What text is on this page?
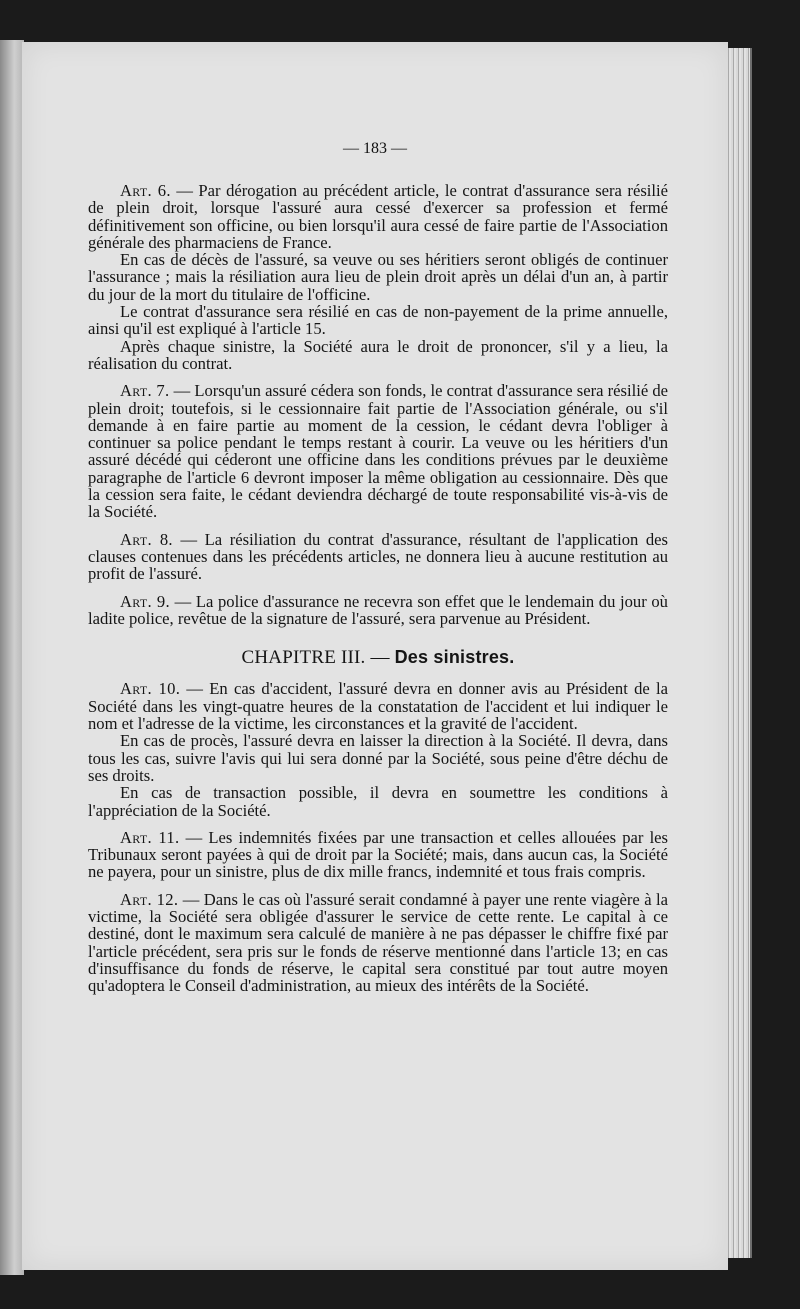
— 183 —

Art. 6. — Par dérogation au précédent article, le contrat d'assurance sera résilié de plein droit, lorsque l'assuré aura cessé d'exercer sa profession et fermé définitivement son officine, ou bien lorsqu'il aura cessé de faire partie de l'Association générale des pharmaciens de France.

En cas de décès de l'assuré, sa veuve ou ses héritiers seront obligés de continuer l'assurance ; mais la résiliation aura lieu de plein droit après un délai d'un an, à partir du jour de la mort du titulaire de l'officine.

Le contrat d'assurance sera résilié en cas de non-payement de la prime annuelle, ainsi qu'il est expliqué à l'article 15.

Après chaque sinistre, la Société aura le droit de prononcer, s'il y a lieu, la réalisation du contrat.

Art. 7. — Lorsqu'un assuré cédera son fonds, le contrat d'assurance sera résilié de plein droit; toutefois, si le cessionnaire fait partie de l'Association générale, ou s'il demande à en faire partie au moment de la cession, le cédant devra l'obliger à continuer sa police pendant le temps restant à courir. La veuve ou les héritiers d'un assuré décédé qui céderont une officine dans les conditions prévues par le deuxième paragraphe de l'article 6 devront imposer la même obligation au cessionnaire. Dès que la cession sera faite, le cédant deviendra déchargé de toute responsabilité vis-à-vis de la Société.

Art. 8. — La résiliation du contrat d'assurance, résultant de l'application des clauses contenues dans les précédents articles, ne donnera lieu à aucune restitution au profit de l'assuré.

Art. 9. — La police d'assurance ne recevra son effet que le lendemain du jour où ladite police, revêtue de la signature de l'assuré, sera parvenue au Président.

CHAPITRE III. — Des sinistres.

Art. 10. — En cas d'accident, l'assuré devra en donner avis au Président de la Société dans les vingt-quatre heures de la constatation de l'accident et lui indiquer le nom et l'adresse de la victime, les circonstances et la gravité de l'accident.

En cas de procès, l'assuré devra en laisser la direction à la Société. Il devra, dans tous les cas, suivre l'avis qui lui sera donné par la Société, sous peine d'être déchu de ses droits.

En cas de transaction possible, il devra en soumettre les conditions à l'appréciation de la Société.

Art. 11. — Les indemnités fixées par une transaction et celles allouées par les Tribunaux seront payées à qui de droit par la Société; mais, dans aucun cas, la Société ne payera, pour un sinistre, plus de dix mille francs, indemnité et tous frais compris.

Art. 12. — Dans le cas où l'assuré serait condamné à payer une rente viagère à la victime, la Société sera obligée d'assurer le service de cette rente. Le capital à ce destiné, dont le maximum sera calculé de manière à ne pas dépasser le chiffre fixé par l'article précédent, sera pris sur le fonds de réserve mentionné dans l'article 13; en cas d'insuffisance du fonds de réserve, le capital sera constitué par tout autre moyen qu'adoptera le Conseil d'administration, au mieux des intérêts de la Société.
